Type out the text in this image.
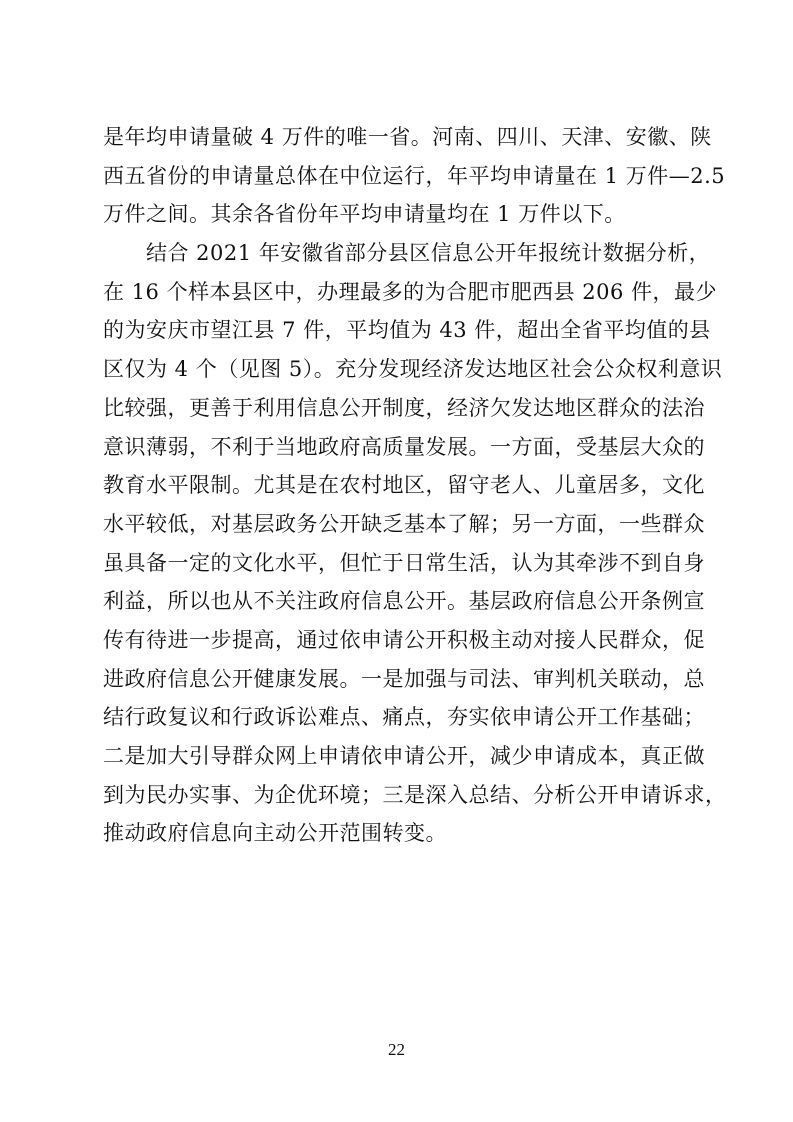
是年均申请量破 4 万件的唯一省。河南、四川、天津、安徽、陕
西五省份的申请量总体在中位运行，年平均申请量在 1 万件—2.5
万件之间。其余各省份年平均申请量均在 1 万件以下。
　　结合 2021 年安徽省部分县区信息公开年报统计数据分析，
在 16 个样本县区中，办理最多的为合肥市肥西县 206 件，最少
的为安庆市望江县 7 件，平均值为 43 件，超出全省平均值的县
区仅为 4 个（见图 5）。充分发现经济发达地区社会公众权利意识
比较强，更善于利用信息公开制度，经济欠发达地区群众的法治
意识薄弱，不利于当地政府高质量发展。一方面，受基层大众的
教育水平限制。尤其是在农村地区，留守老人、儿童居多，文化
水平较低，对基层政务公开缺乏基本了解；另一方面，一些群众
虽具备一定的文化水平，但忙于日常生活，认为其牵涉不到自身
利益，所以也从不关注政府信息公开。基层政府信息公开条例宣
传有待进一步提高，通过依申请公开积极主动对接人民群众，促
进政府信息公开健康发展。一是加强与司法、审判机关联动，总
结行政复议和行政诉讼难点、痛点，夯实依申请公开工作基础；
二是加大引导群众网上申请依申请公开，减少申请成本，真正做
到为民办实事、为企优环境；三是深入总结、分析公开申请诉求，
推动政府信息向主动公开范围转变。
22
